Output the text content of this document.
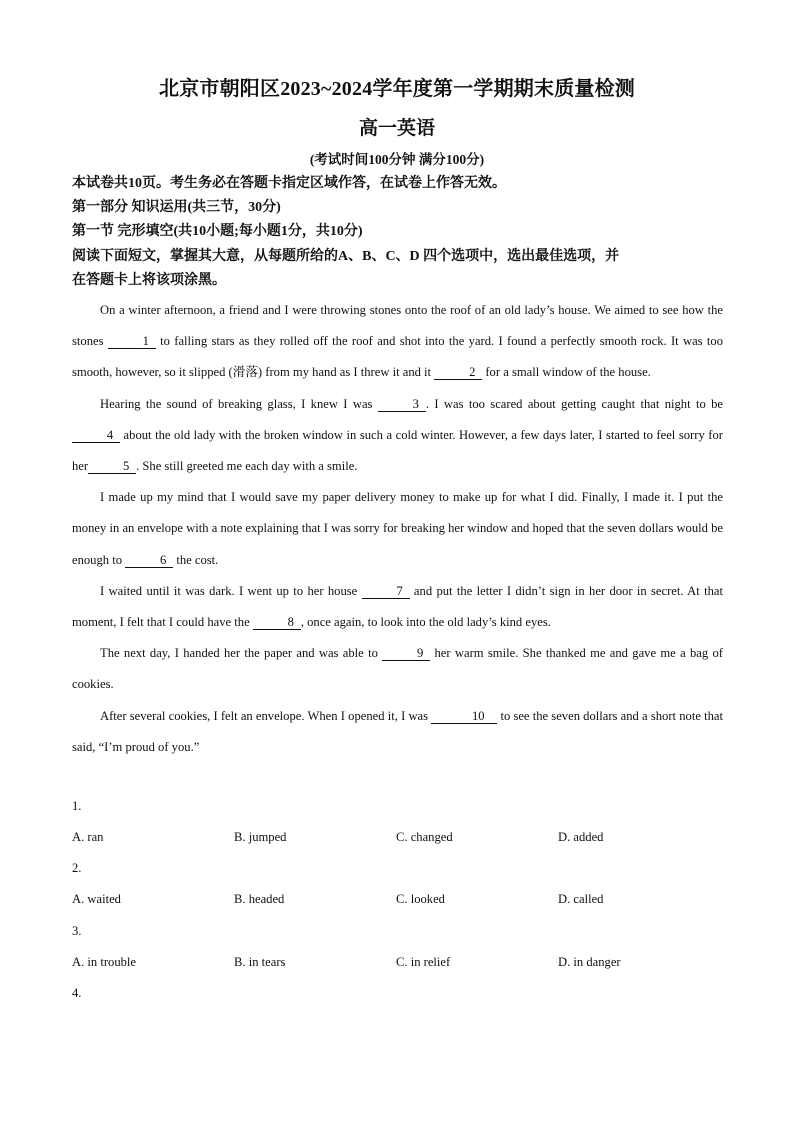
北京市朝阳区2023~2024学年度第一学期期末质量检测
高一英语
(考试时间100分钟 满分100分)
本试卷共10页。考生务必在答题卡指定区域作答，在试卷上作答无效。
第一部分 知识运用(共三节，30分)
第一节 完形填空(共10小题;每小题1分，共10分)
阅读下面短文，掌握其大意，从每题所给的A、B、C、D 四个选项中，选出最佳选项，并
在答题卡上将该项涂黑。

On a winter afternoon, a friend and I were throwing stones onto the roof of an old lady’s house. We aimed to see how the stones	1 to falling stars as they rolled off the roof and shot into the yard. I found a perfectly smooth rock. It was too smooth, however, so it slipped (滑落) from my hand as I threw it and it	2 for a small window of the house.

Hearing the sound of breaking glass, I knew I was	3 . I was too scared about getting caught that night to be 4 about the old lady with the broken window in such a cold winter. However, a few days later, I started to feel sorry for her	5 . She still greeted me each day with a smile.

I made up my mind that I would save my paper delivery money to make up for what I did. Finally, I made it. I put the money in an envelope with a note explaining that I was sorry for breaking her window and hoped that the seven dollars would be enough to	6 the cost.

I waited until it was dark. I went up to her house	7 and put the letter I didn’t sign in her door in secret. At that moment, I felt that I could have the	8 , once again, to look into the old lady’s kind eyes.

The next day, I handed her the paper and was able to	9 her warm smile. She thanked me and gave me a bag of cookies.

After several cookies, I felt an envelope. When I opened it, I was	10 to see the seven dollars and a short note that said, “I’m proud of you.”

1.
A. ran	B. jumped	C. changed	D. added
2.
A. waited	B. headed	C. looked	D. called
3.
A. in trouble	B. in tears	C. in relief	D. in danger
4.
